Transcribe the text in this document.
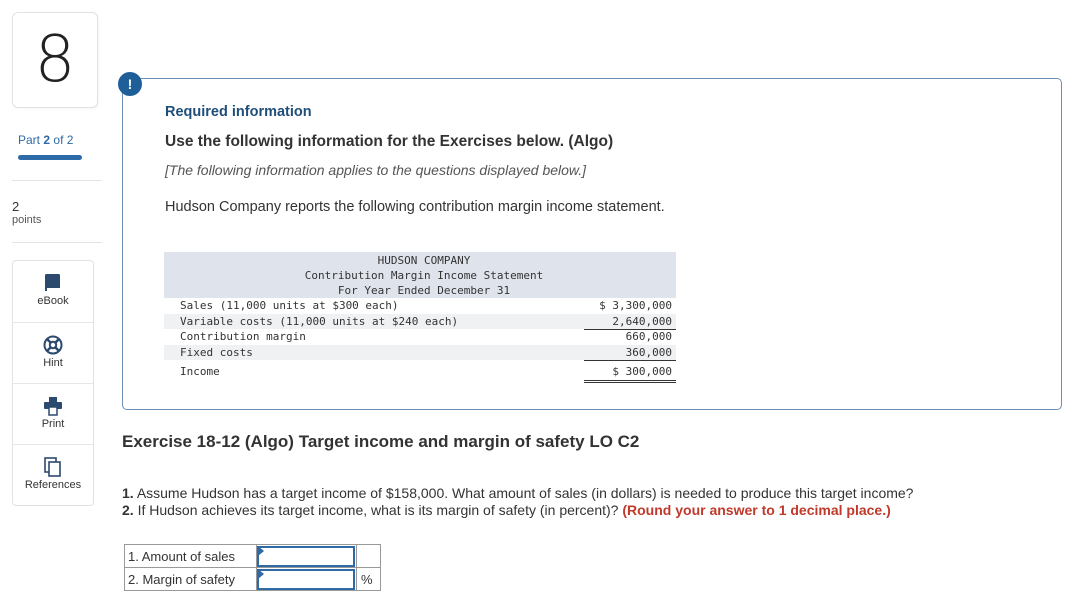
8
Part 2 of 2
2
points
eBook
Hint
Print
References
!
Required information
Use the following information for the Exercises below. (Algo)
[The following information applies to the questions displayed below.]
Hudson Company reports the following contribution margin income statement.
HUDSON COMPANY
Contribution Margin Income Statement
For Year Ended December 31
Sales (11,000 units at $300 each)	$ 3,300,000
Variable costs (11,000 units at $240 each)	2,640,000
Contribution margin	660,000
Fixed costs	360,000
Income	$ 300,000
Exercise 18-12 (Algo) Target income and margin of safety LO C2
1. Assume Hudson has a target income of $158,000. What amount of sales (in dollars) is needed to produce this target income?
2. If Hudson achieves its target income, what is its margin of safety (in percent)? (Round your answer to 1 decimal place.)
1. Amount of sales	

2. Margin of safety		%
